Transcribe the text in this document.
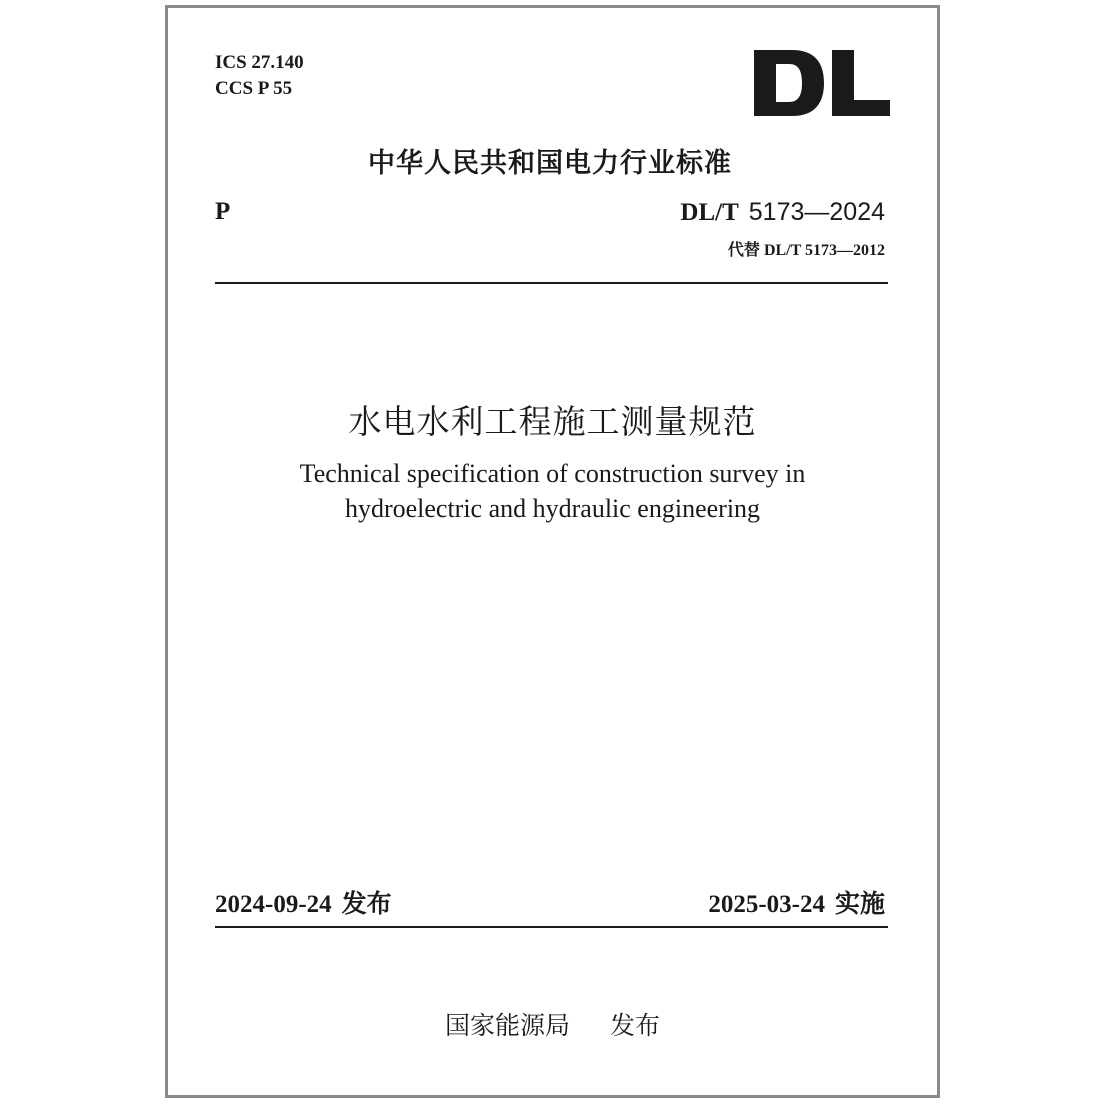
ICS 27.140
CCS P 55
中华人民共和国电力行业标准
P	DL/T 5173—2024
代替 DL/T 5173—2012
水电水利工程施工测量规范
Technical specification of construction survey in
hydroelectric and hydraulic engineering
2024-09-24 发布	2025-03-24 实施
国家能源局 发布
